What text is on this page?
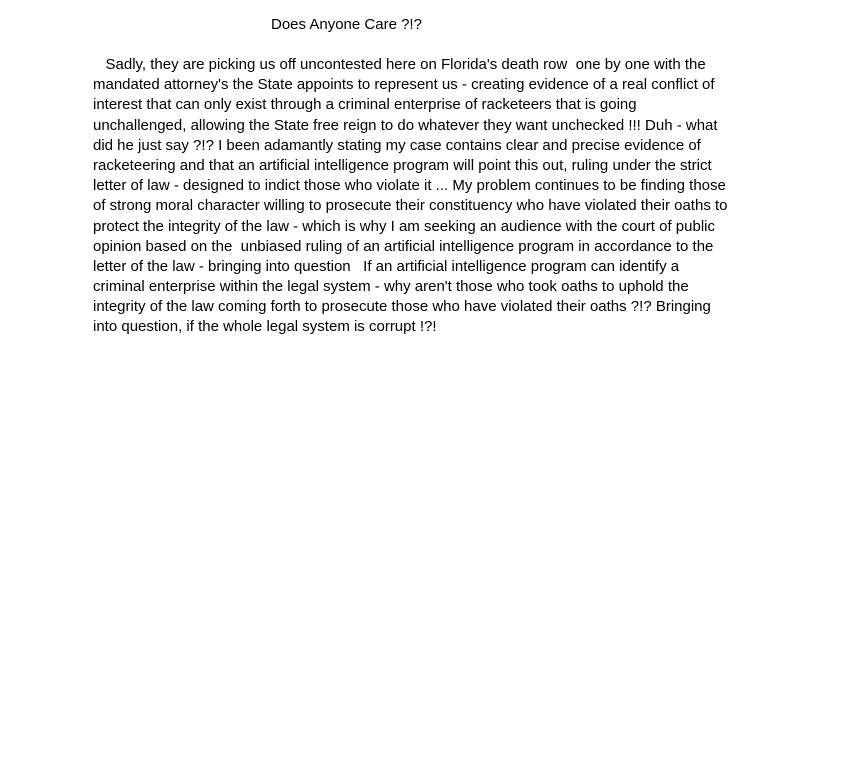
Does Anyone Care ?!?
Sadly, they are picking us off uncontested here on Florida's death row  one by one with the
mandated attorney's the State appoints to represent us - creating evidence of a real conflict of
interest that can only exist through a criminal enterprise of racketeers that is going
unchallenged, allowing the State free reign to do whatever they want unchecked !!! Duh - what
did he just say ?!? I been adamantly stating my case contains clear and precise evidence of
racketeering and that an artificial intelligence program will point this out, ruling under the strict
letter of law - designed to indict those who violate it ... My problem continues to be finding those
of strong moral character willing to prosecute their constituency who have violated their oaths to
protect the integrity of the law - which is why I am seeking an audience with the court of public
opinion based on the  unbiased ruling of an artificial intelligence program in accordance to the
letter of the law - bringing into question   If an artificial intelligence program can identify a
criminal enterprise within the legal system - why aren't those who took oaths to uphold the
integrity of the law coming forth to prosecute those who have violated their oaths ?!? Bringing
into question, if the whole legal system is corrupt !?!
